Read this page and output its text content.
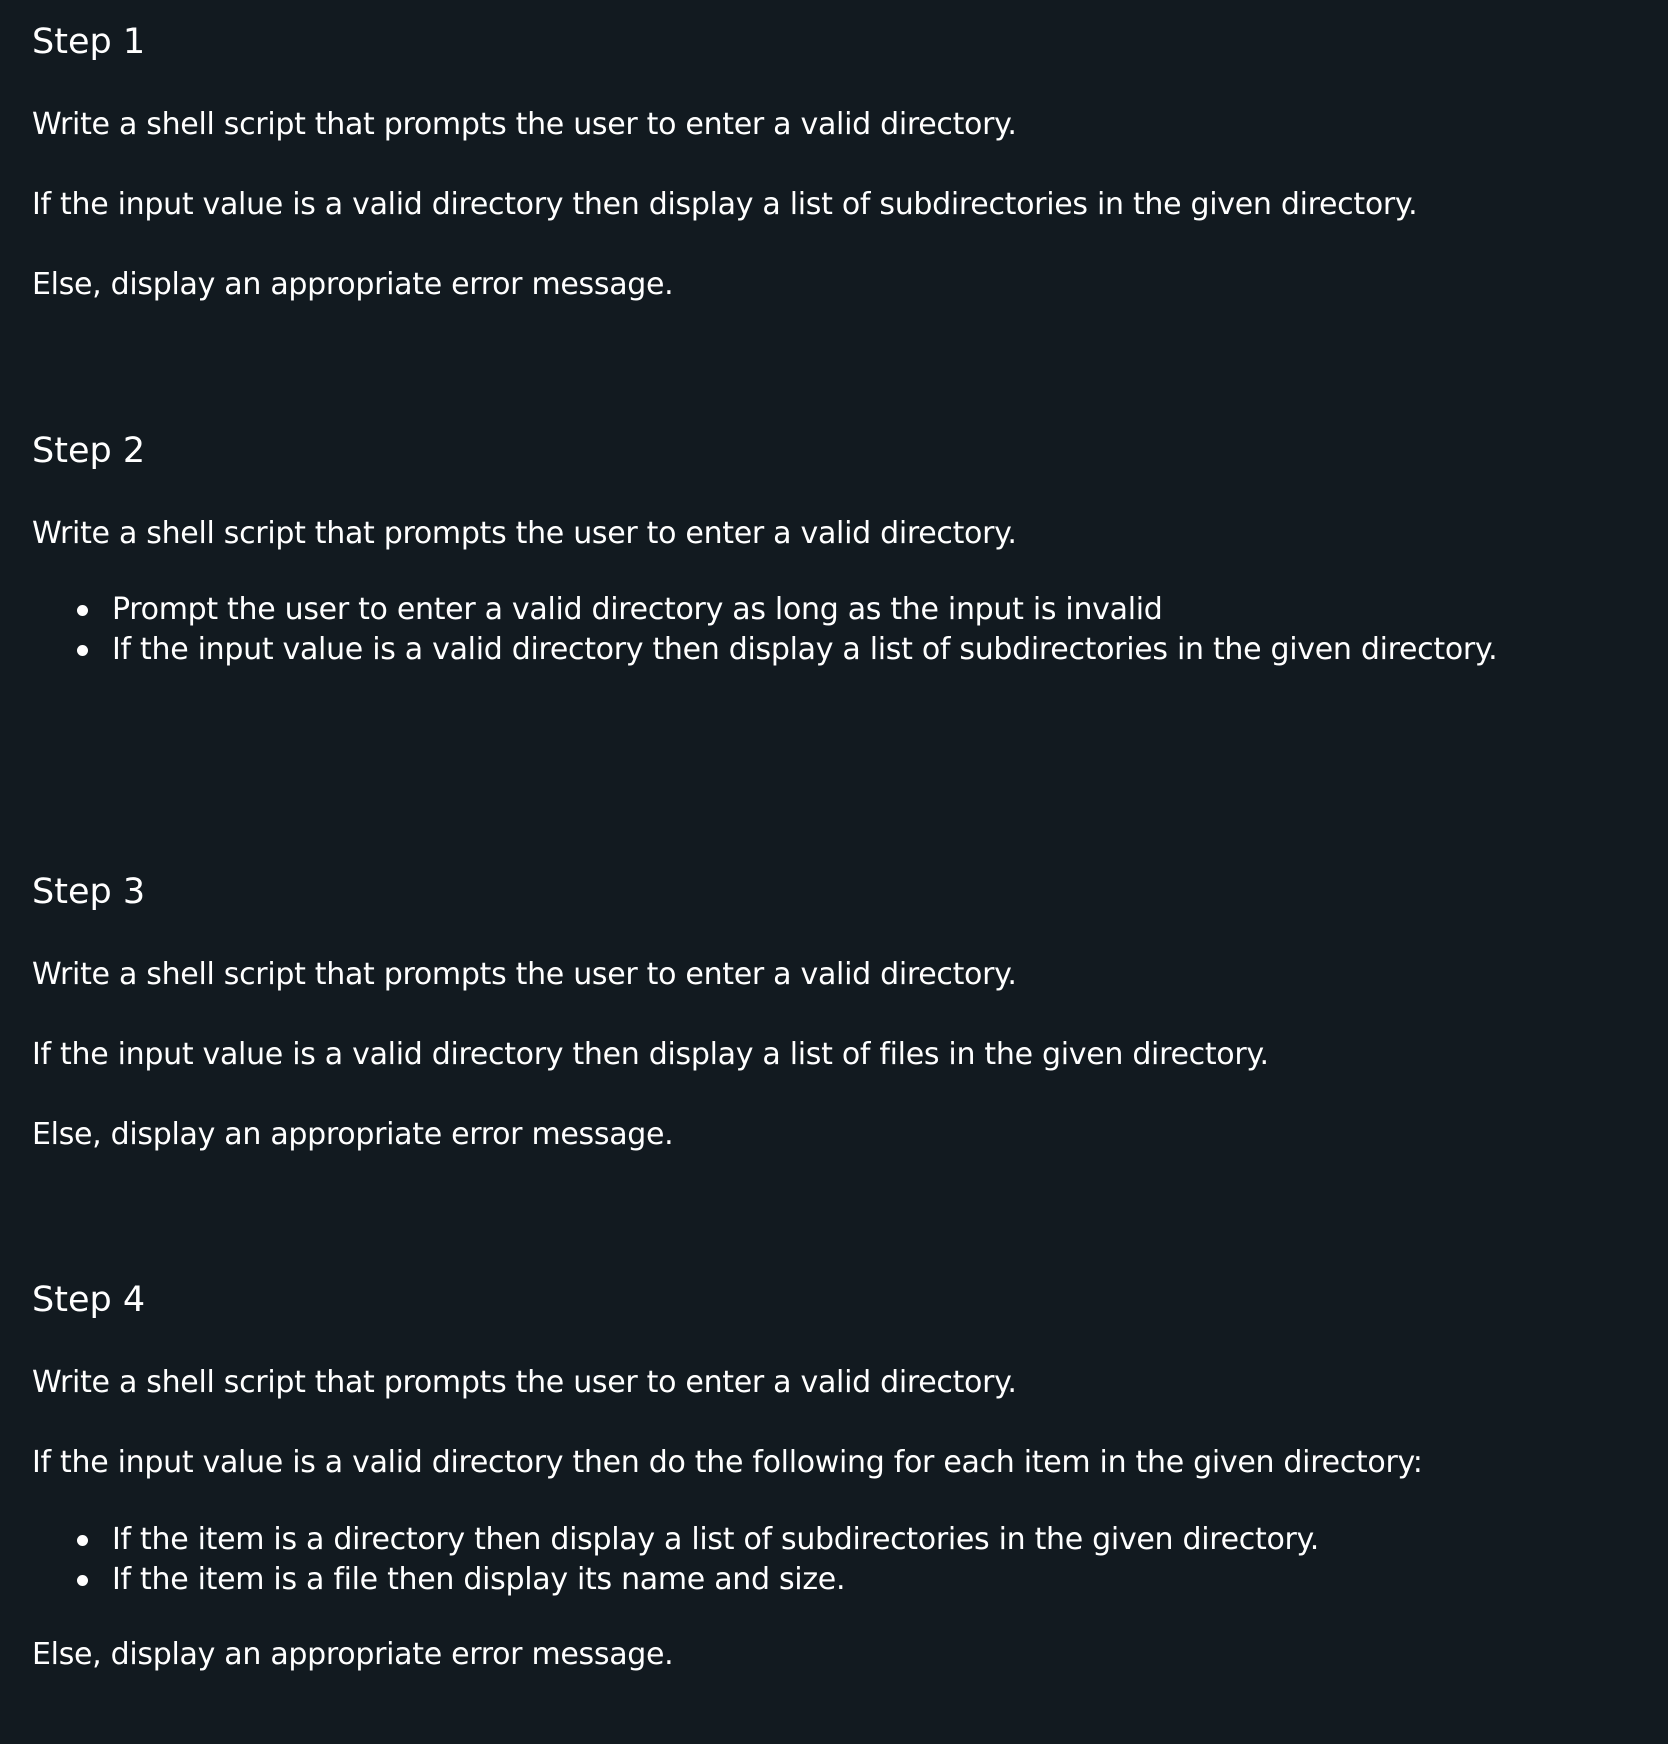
Step 1

Write a shell script that prompts the user to enter a valid directory.

If the input value is a valid directory then display a list of subdirectories in the given directory.

Else, display an appropriate error message.

Step 2

Write a shell script that prompts the user to enter a valid directory.

Prompt the user to enter a valid directory as long as the input is invalid
If the input value is a valid directory then display a list of subdirectories in the given directory.
Step 3

Write a shell script that prompts the user to enter a valid directory.

If the input value is a valid directory then display a list of files in the given directory.

Else, display an appropriate error message.

Step 4

Write a shell script that prompts the user to enter a valid directory.

If the input value is a valid directory then do the following for each item in the given directory:

If the item is a directory then display a list of subdirectories in the given directory.
If the item is a file then display its name and size.

Else, display an appropriate error message.
